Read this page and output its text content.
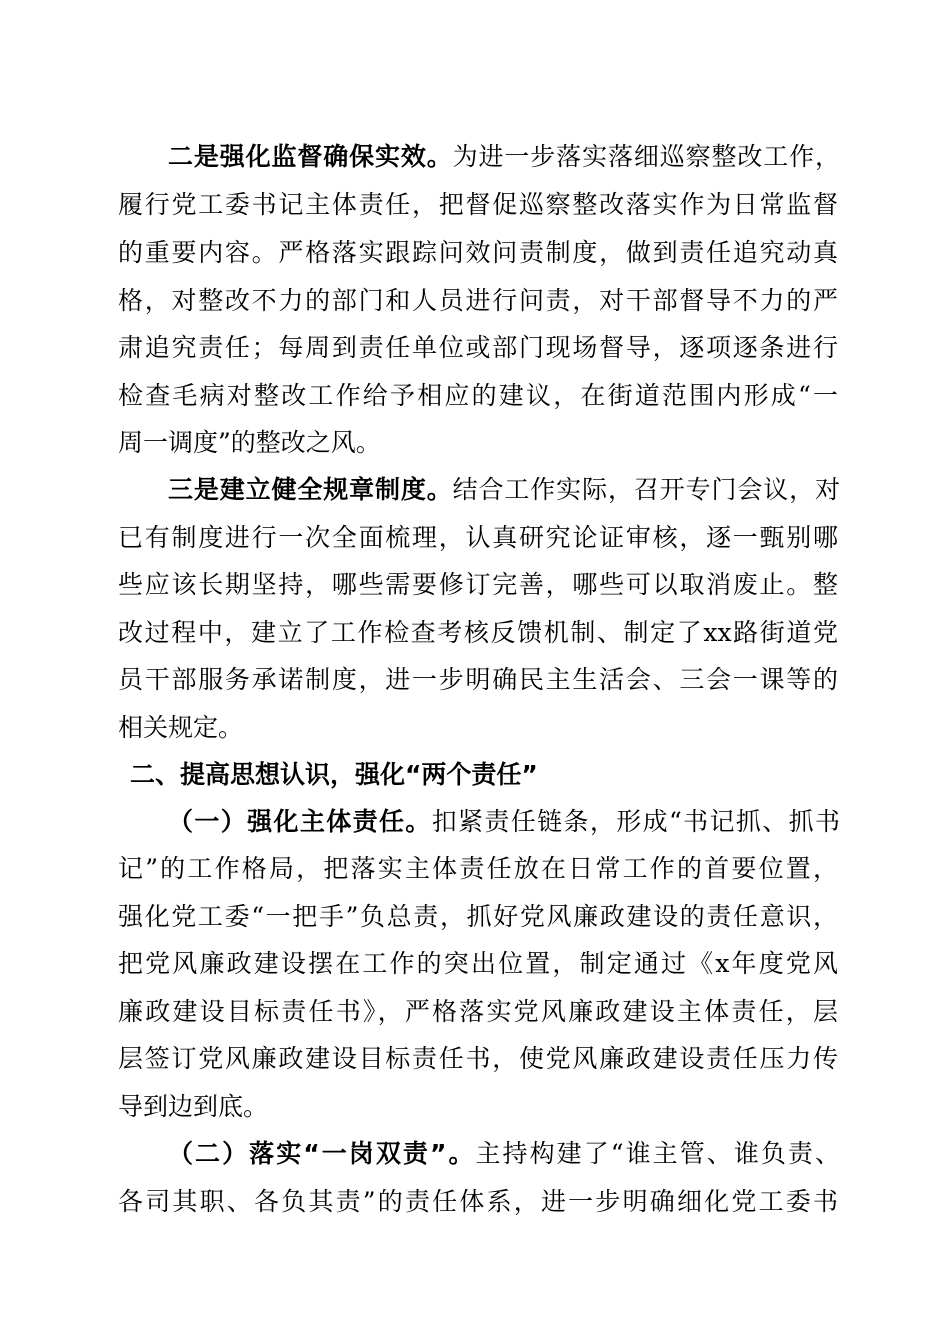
二是强化监督确保实效。为进一步落实落细巡察整改工作，
履行党工委书记主体责任，把督促巡察整改落实作为日常监督
的重要内容。严格落实跟踪问效问责制度，做到责任追究动真
格，对整改不力的部门和人员进行问责，对干部督导不力的严
肃追究责任；每周到责任单位或部门现场督导，逐项逐条进行
检查毛病对整改工作给予相应的建议，在街道范围内形成“一
周一调度”的整改之风。
三是建立健全规章制度。结合工作实际，召开专门会议，对
已有制度进行一次全面梳理，认真研究论证审核，逐一甄别哪
些应该长期坚持，哪些需要修订完善，哪些可以取消废止。整
改过程中，建立了工作检查考核反馈机制、制定了xx路街道党
员干部服务承诺制度，进一步明确民主生活会、三会一课等的
相关规定。
二、提高思想认识，强化“两个责任”
（一）强化主体责任。扣紧责任链条，形成“书记抓、抓书
记”的工作格局，把落实主体责任放在日常工作的首要位置，
强化党工委“一把手”负总责，抓好党风廉政建设的责任意识，
把党风廉政建设摆在工作的突出位置，制定通过《x年度党风
廉政建设目标责任书》，严格落实党风廉政建设主体责任，层
层签订党风廉政建设目标责任书，使党风廉政建设责任压力传
导到边到底。
（二）落实“一岗双责”。主持构建了“谁主管、谁负责、
各司其职、各负其责”的责任体系，进一步明确细化党工委书
